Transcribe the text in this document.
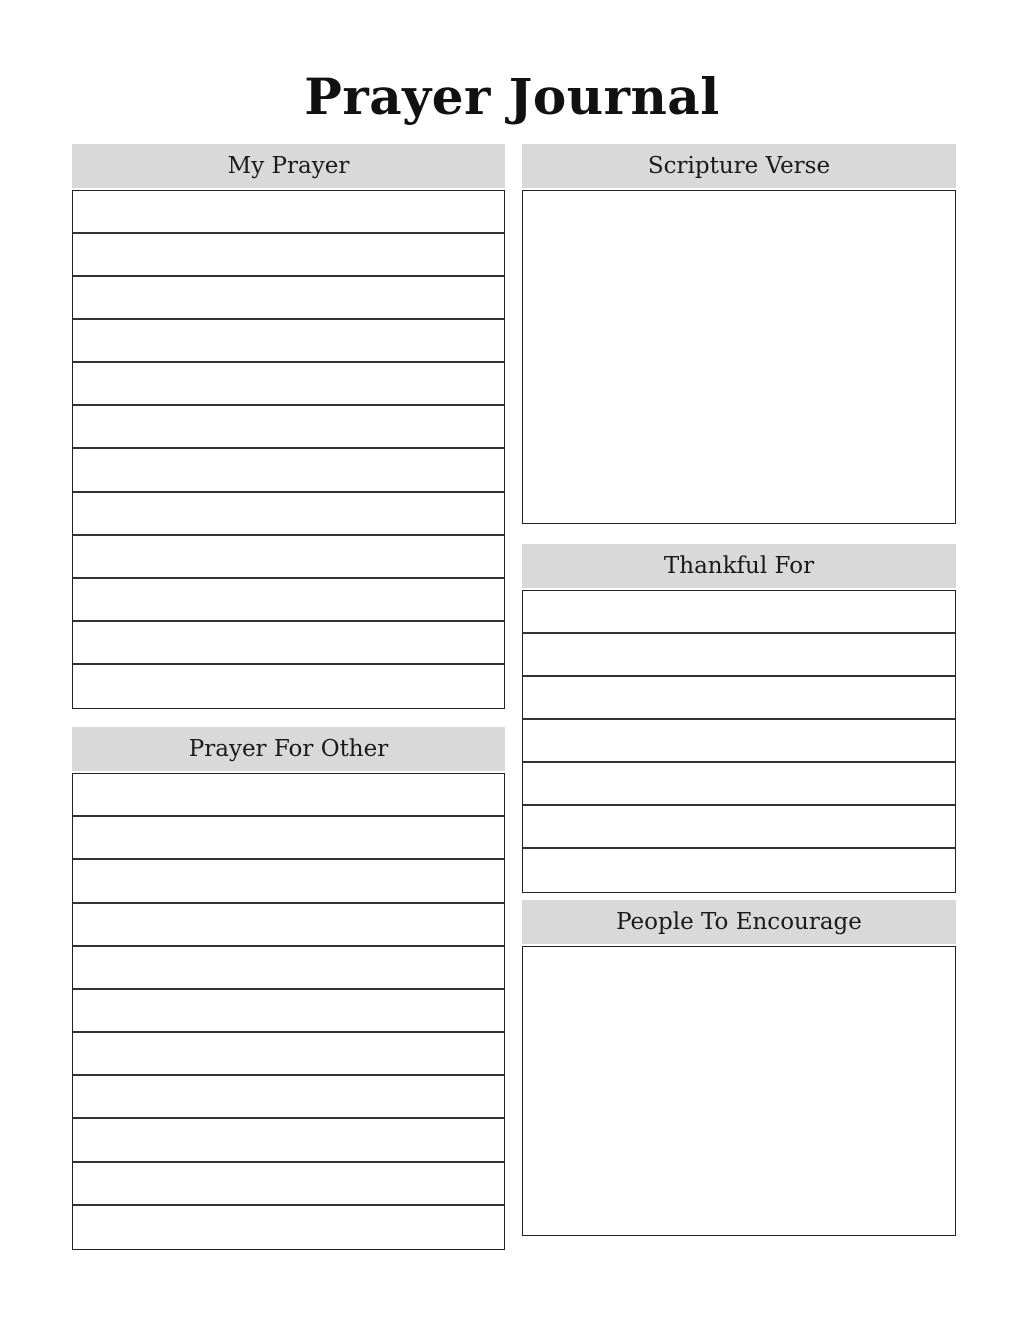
Prayer Journal
My Prayer
Prayer For Other
Scripture Verse
Thankful For
People To Encourage
